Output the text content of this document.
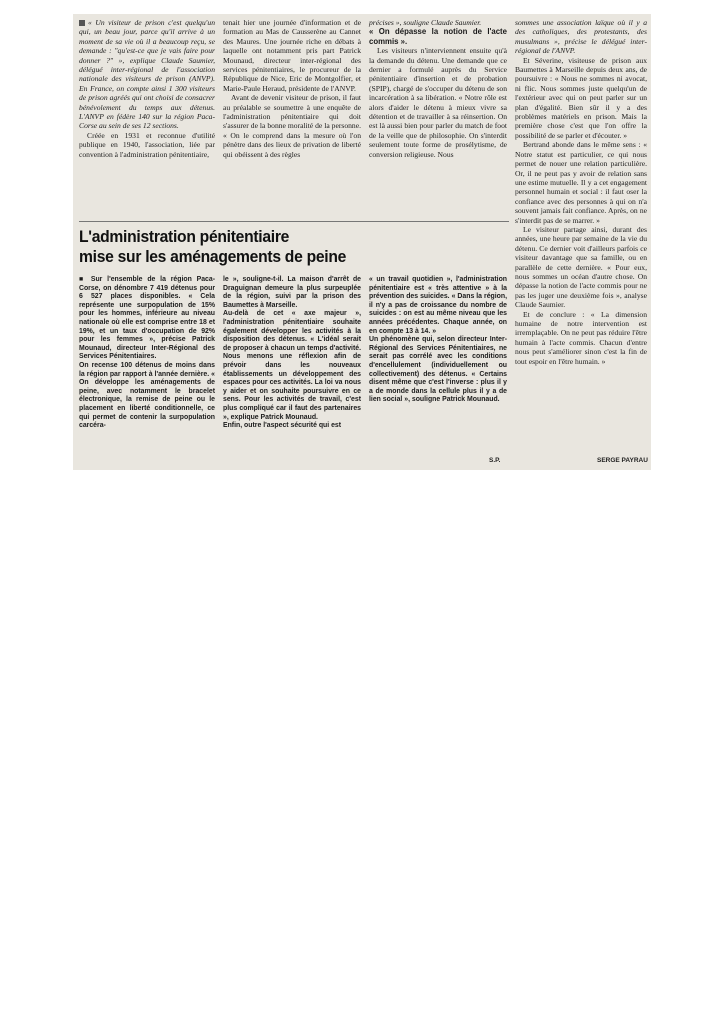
« Un visiteur de prison c'est quelqu'un qui, un beau jour, parce qu'il arrive à un moment de sa vie où il a beaucoup reçu, se demande : "qu'est-ce que je vais faire pour donner ?" », explique Claude Saumier, délégué inter-régional de l'association nationale des visiteurs de prison (ANVP). En France, on compte ainsi 1 300 visiteurs de prison agréés qui ont choisi de consacrer bénévolement du temps aux détenus. L'ANVP en fédère 140 sur la région Paca-Corse au sein de ses 12 sections.

Créée en 1931 et reconnue d'utilité publique en 1940, l'association, liée par convention à l'administration pénitentiaire,

tenait hier une journée d'information et de formation au Mas de Causserène au Cannet des Maures. Une journée riche en débats à laquelle ont notamment pris part Patrick Mounaud, directeur inter-régional des services pénitentiaires, le procureur de la République de Nice, Eric de Montgolfier, et Marie-Paule Heraud, présidente de l'ANVP.

Avant de devenir visiteur de prison, il faut au préalable se soumettre à une enquête de l'administration pénitentiaire qui doit s'assurer de la bonne moralité de la personne. « On le comprend dans la mesure où l'on pénètre dans des lieux de privation de liberté qui obéissent à des règles

précises », souligne Claude Saumier.

« On dépasse la notion de l'acte commis ».

Les visiteurs n'interviennent ensuite qu'à la demande du détenu. Une demande que ce dernier a formulé auprès du Service pénitentiaire d'insertion et de probation (SPIP), chargé de s'occuper du détenu de son incarcération à sa libération. « Notre rôle est alors d'aider le détenu à mieux vivre sa détention et de travailler à sa réinsertion. On est là aussi bien pour parler du match de foot de la veille que de philosophie. On s'interdit seulement toute forme de prosélytisme, de conversion religieuse. Nous

sommes une association laïque où il y a des catholiques, des protestants, des musulmans », précise le délégué inter-régional de l'ANVP.

Et Séverine, visiteuse de prison aux Baumettes à Marseille depuis deux ans, de poursuivre : « Nous ne sommes ni avocat, ni flic. Nous sommes juste quelqu'un de l'extérieur avec qui on peut parler sur un plan d'égalité. Bien sûr il y a des problèmes matériels en prison. Mais la première chose c'est que l'on offre la possibilité de se parler et d'écouter. »

Bertrand abonde dans le même sens : « Notre statut est particulier, ce qui nous permet de nouer une relation particulière. Or, il ne peut pas y avoir de relation sans une estime mutuelle. Il y a cet engagement personnel humain et social : il faut oser la confiance avec des personnes à qui on n'a souvent jamais fait confiance. Après, on ne s'interdit pas de se marrer. »

Le visiteur partage ainsi, durant des années, une heure par semaine de la vie du détenu. Ce dernier voit d'ailleurs parfois ce visiteur davantage que sa famille, ou en parallèle de cette dernière. « Pour eux, nous sommes un océan d'autre chose. On dépasse la notion de l'acte commis pour ne pas les juger une deuxième fois », analyse Claude Saumier.

Et de conclure : « La dimension humaine de notre intervention est irremplaçable. On ne peut pas réduire l'être humain à l'acte commis. Chacun d'entre nous peut s'améliorer sinon c'est la fin de tout espoir en l'être humain. »

SERGE PAYRAU
L'administration pénitentiaire
mise sur les aménagements de peine

■ Sur l'ensemble de la région Paca-Corse, on dénombre 7 419 détenus pour 6 527 places disponibles. « Cela représente une surpopulation de 15% pour les hommes, inférieure au niveau nationale où elle est comprise entre 18 et 19%, et un taux d'occupation de 92% pour les femmes », précise Patrick Mounaud, directeur Inter-Régional des Services Pénitentiaires.

On recense 100 détenus de moins dans la région par rapport à l'année dernière. « On développe les aménagements de peine, avec notamment le bracelet électronique, la remise de peine ou le placement en liberté conditionnelle, ce qui permet de contenir la surpopulation carcéra-

le », souligne-t-il. La maison d'arrêt de Draguignan demeure la plus surpeuplée de la région, suivi par la prison des Baumettes à Marseille.

Au-delà de cet « axe majeur », l'administration pénitentiaire souhaite également développer les activités à la disposition des détenus. « L'idéal serait de proposer à chacun un temps d'activité. Nous menons une réflexion afin de prévoir dans les nouveaux établissements un développement des espaces pour ces activités. La loi va nous y aider et on souhaite poursuivre en ce sens. Pour les activités de travail, c'est plus compliqué car il faut des partenaires », explique Patrick Mounaud.

Enfin, outre l'aspect sécurité qui est

« un travail quotidien », l'administration pénitentiaire est « très attentive » à la prévention des suicides. « Dans la région, il n'y a pas de croissance du nombre de suicides : on est au même niveau que les années précédentes. Chaque année, on en compte 13 à 14. »

Un phénomène qui, selon directeur Inter-Régional des Services Pénitentiaires, ne serait pas corrélé avec les conditions d'encellulement (individuellement ou collectivement) des détenus. « Certains disent même que c'est l'inverse : plus il y a de monde dans la cellule plus il y a de lien social », souligne Patrick Mounaud.

S.P.
